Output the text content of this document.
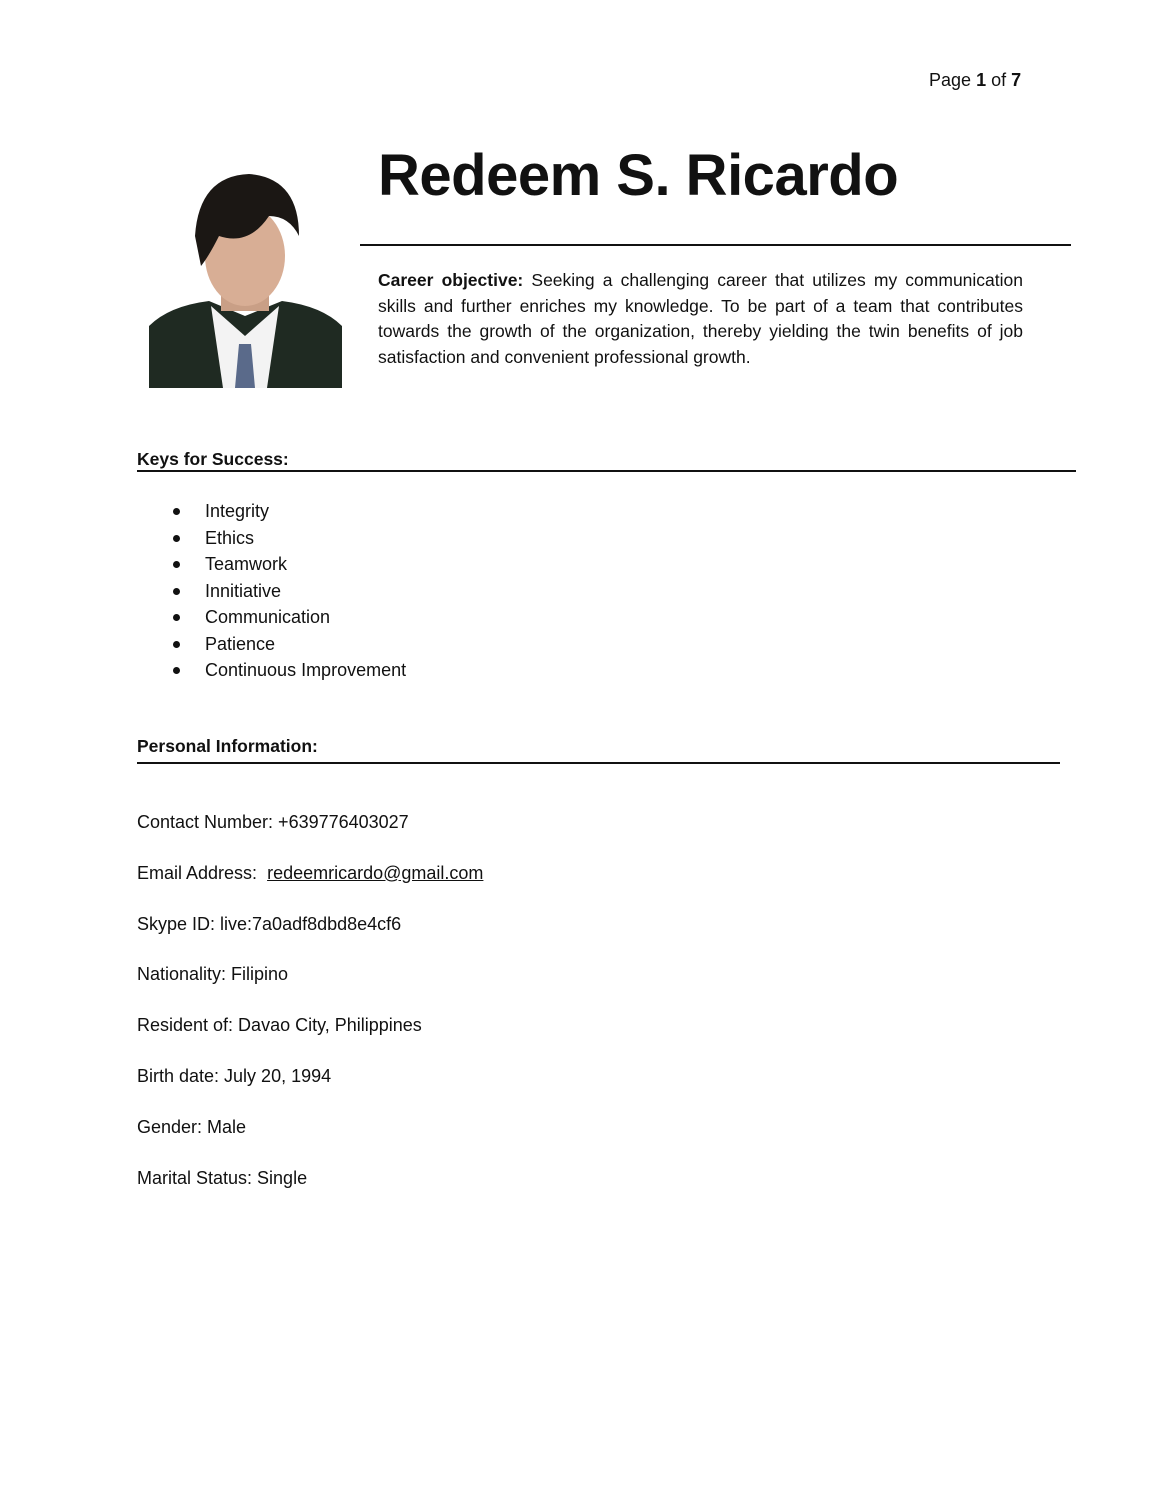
Page 1 of 7
Redeem S. Ricardo
Career objective: Seeking a challenging career that utilizes my communication skills and further enriches my knowledge. To be part of a team that contributes towards the growth of the organization, thereby yielding the twin benefits of job satisfaction and convenient professional growth.
Keys for Success:
Integrity
Ethics
Teamwork
Innitiative
Communication
Patience
Continuous Improvement
Personal Information:
Contact Number: +639776403027
Email Address: redeemricardo@gmail.com
Skype ID: live:7a0adf8dbd8e4cf6
Nationality: Filipino
Resident of: Davao City, Philippines
Birth date: July 20, 1994
Gender: Male
Marital Status: Single
